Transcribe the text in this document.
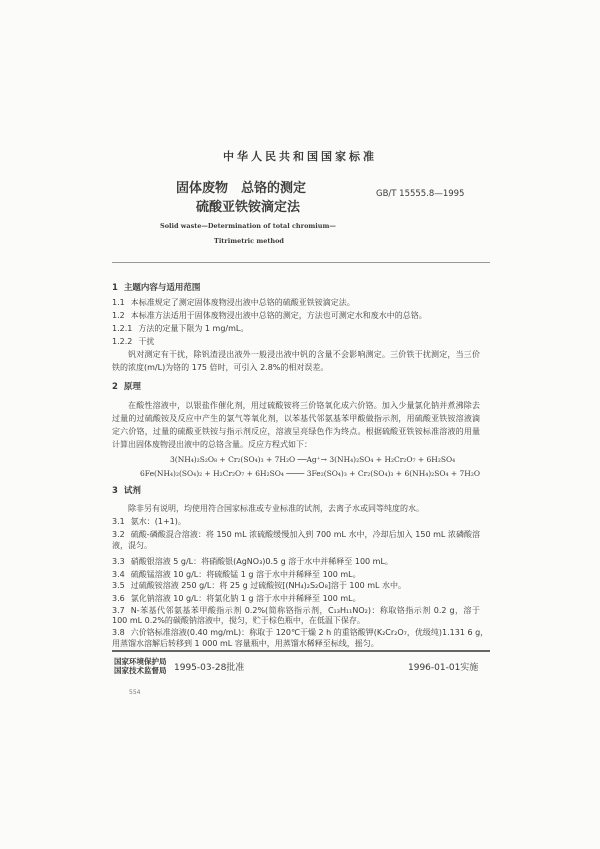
中华人民共和国国家标准
固体废物　总铬的测定
硫酸亚铁铵滴定法
GB/T 15555.8—1995
Solid waste—Determination of total chromium—
Titrimetric method
1 主题内容与适用范围
1.1 本标准规定了测定固体废物浸出液中总铬的硫酸亚铁铵滴定法。
1.2 本标准方法适用于固体废物浸出液中总铬的测定，方法也可测定水和废水中的总铬。
1.2.1 方法的定量下限为 1 mg/mL。
1.2.2 干扰
钒对测定有干扰，除钒渣浸出液外一般浸出液中钒的含量不会影响测定。三价铁干扰测定，当三价
铁的浓度(m/L)为铬的 175 倍时，可引入 2.8%的相对误差。
2 原理
在酸性溶液中，以银盐作催化剂，用过硫酸铵将三价铬氧化成六价铬。加入少量氯化钠并煮沸除去
过量的过硫酸铵及反应中产生的氯气等氧化剂，以苯基代邻氨基苯甲酸做指示剂，用硫酸亚铁铵溶液滴
定六价铬，过量的硫酸亚铁铵与指示剂反应，溶液呈亮绿色作为终点。根据硫酸亚铁铵标准溶液的用量
计算出固体废物浸出液中的总铬含量。反应方程式如下：
3(NH₄)₂S₂O₈ + Cr₂(SO₄)₃ + 7H₂O ──Ag⁺→ 3(NH₄)₂SO₄ + H₂Cr₂O₇ + 6H₂SO₄
6Fe(NH₄)₂(SO₄)₂ + H₂Cr₂O₇ + 6H₂SO₄ ──── 3Fe₂(SO₄)₃ + Cr₂(SO₄)₃ + 6(NH₄)₂SO₄ + 7H₂O
3 试剂
除非另有说明，均使用符合国家标准或专业标准的试剂，去离子水或同等纯度的水。
3.1 氨水：(1+1)。
3.2 硫酸-磷酸混合溶液：将 150 mL 浓硫酸缓慢加入到 700 mL 水中，冷却后加入 150 mL 浓磷酸溶
液，混匀。
3.3 硝酸银溶液 5 g/L：将硝酸银(AgNO₃)0.5 g 溶于水中并稀释至 100 mL。
3.4 硫酸锰溶液 10 g/L：将硫酸锰 1 g 溶于水中并稀释至 100 mL。
3.5 过硫酸铵溶液 250 g/L：将 25 g 过硫酸铵[(NH₄)₂S₂O₈]溶于 100 mL 水中。
3.6 氯化钠溶液 10 g/L：将氯化钠 1 g 溶于水中并稀释至 100 mL。
3.7 N-苯基代邻氨基苯甲酸指示剂 0.2%(简称铬指示剂，C₁₃H₁₁NO₂)：称取铬指示剂 0.2 g，溶于
100 mL 0.2%的碳酸钠溶液中，搅匀，贮于棕色瓶中，在低温下保存。
3.8 六价铬标准溶液(0.40 mg/mL)：称取于 120℃干燥 2 h 的重铬酸钾(K₂Cr₂O₇，优级纯)1.131 6 g，
用蒸馏水溶解后转移到 1 000 mL 容量瓶中，用蒸馏水稀释至标线，摇匀。
国家环境保护局
国家技术监督局 1995-03-28批准	1996-01-01实施
554
